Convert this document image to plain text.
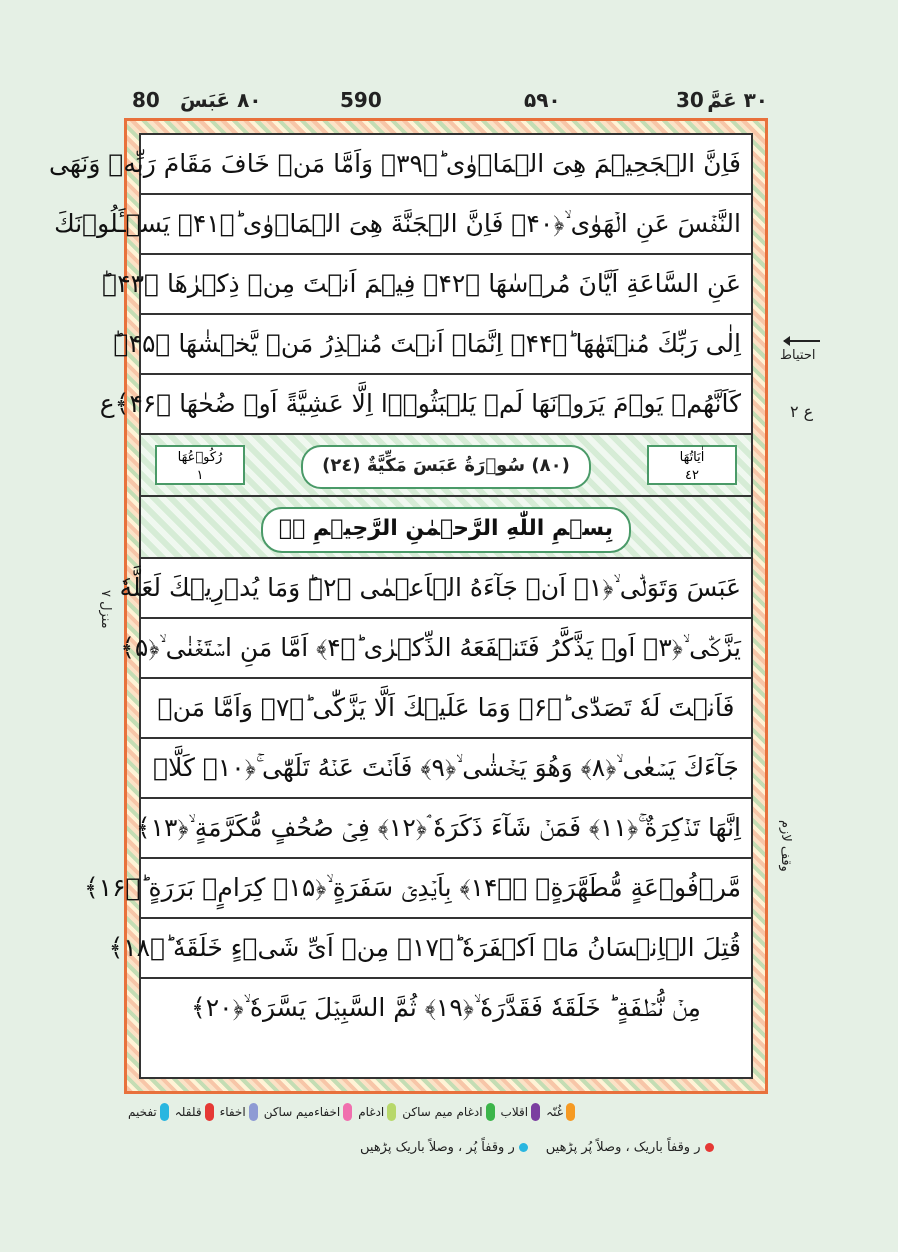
٣٠ عَمَّ
30
۵۹۰
590
٨٠ عَبَسَ
80
فَاِنَّ الۡجَحِیۡمَ ھِیَ الۡمَاۡوٰی ؕ﴿۳۹﴾ وَاَمَّا مَنۡ خَافَ مَقَامَ رَبِّهٖ وَنَهَی
النَّفۡسَ عَنِ الۡهَوٰی ۙ﴿۴۰﴾ فَاِنَّ الۡجَنَّةَ ھِیَ الۡمَاۡوٰی ؕ﴿۴۱﴾ یَسۡـَٔلُوۡنَكَ
عَنِ السَّاعَةِ اَیَّانَ مُرۡسٰهَا ﴿۴۲﴾ فِیۡمَ اَنۡتَ مِنۡ ذِكۡرٰهَا ﴿۴۳﴾ؕ
اِلٰی رَبِّكَ مُنۡتَهٰهَا ؕ﴿۴۴﴾ اِنَّمَاۤ اَنۡتَ مُنۡذِرُ مَنۡ یَّخۡشٰهَا ﴿۴۵﴾ؕ
كَاَنَّهُمۡ یَوۡمَ یَرَوۡنَهَا لَمۡ یَلۡبَثُوۡۤا اِلَّا عَشِیَّةً اَوۡ ضُحٰهَا ﴿۴۶﴾ع
اٰیَاتُهَا
٤٢
(٨٠) سُوۡرَةُ عَبَسَ مَكِّیَّةٌ (٢٤)
رُكُوۡعُهَا
١
بِسۡمِ اللّٰهِ الرَّحۡمٰنِ الرَّحِیۡمِ ﴿﴾
عَبَسَ وَتَوَلّٰۤی ۙ﴿۱﴾ اَنۡ جَآءَهُ الۡاَعۡمٰی ﴿۲﴾ؕ وَمَا یُدۡرِیۡكَ لَعَلَّهٗ
یَزَّكّٰۤی ۙ﴿۳﴾ اَوۡ یَذَّكَّرُ فَتَنۡفَعَهُ الذِّكۡرٰی ؕ﴿۴﴾ اَمَّا مَنِ اسۡتَغۡنٰی ۙ﴿۵﴾
فَاَنۡتَ لَهٗ تَصَدّٰی ؕ﴿۶﴾ وَمَا عَلَیۡكَ اَلَّا یَزَّكّٰی ؕ﴿۷﴾ وَاَمَّا مَنۡ
جَآءَكَ یَسۡعٰی ۙ﴿۸﴾ وَهُوَ یَخۡشٰی ۙ﴿۹﴾ فَاَنۡتَ عَنۡهُ تَلَهّٰی ۚ﴿۱۰﴾ كَلَّاۤ
اِنَّهَا تَذۡكِرَةٌ ۚ﴿۱۱﴾ فَمَنۡ شَآءَ ذَكَرَهٗ ۘ﴿۱۲﴾ فِیۡ صُحُفٍ مُّكَرَّمَةٍ ۙ﴿۱۳﴾
مَّرۡفُوۡعَةٍ مُّطَهَّرَةٍۭ ۙ﴿۱۴﴾ بِاَیۡدِیۡ سَفَرَةٍ ۙ﴿۱۵﴾ كِرَامٍۭ بَرَرَةٍ ؕ﴿۱۶﴾
قُتِلَ الۡاِنۡسَانُ مَاۤ اَكۡفَرَهٗ ؕ﴿۱۷﴾ مِنۡ اَیِّ شَیۡءٍ خَلَقَهٗ ؕ﴿۱۸﴾
مِنۡ نُّطۡفَةٍ ؕ خَلَقَهٗ فَقَدَّرَهٗ ۙ﴿۱۹﴾ ثُمَّ السَّبِیۡلَ یَسَّرَهٗ ۙ﴿۲۰﴾
احتیاط
ع ۲
منزل ۷
وقف لازم
تفخیم قلقلہ اخفاء اخفاءمیم ساکن ادغام ادغام میم ساکن اقلاب غُنّہ
ر وقفاً پُر ، وصلاً باریک پڑھیں	ر وقفاً باریک ، وصلاً پُر پڑھیں
